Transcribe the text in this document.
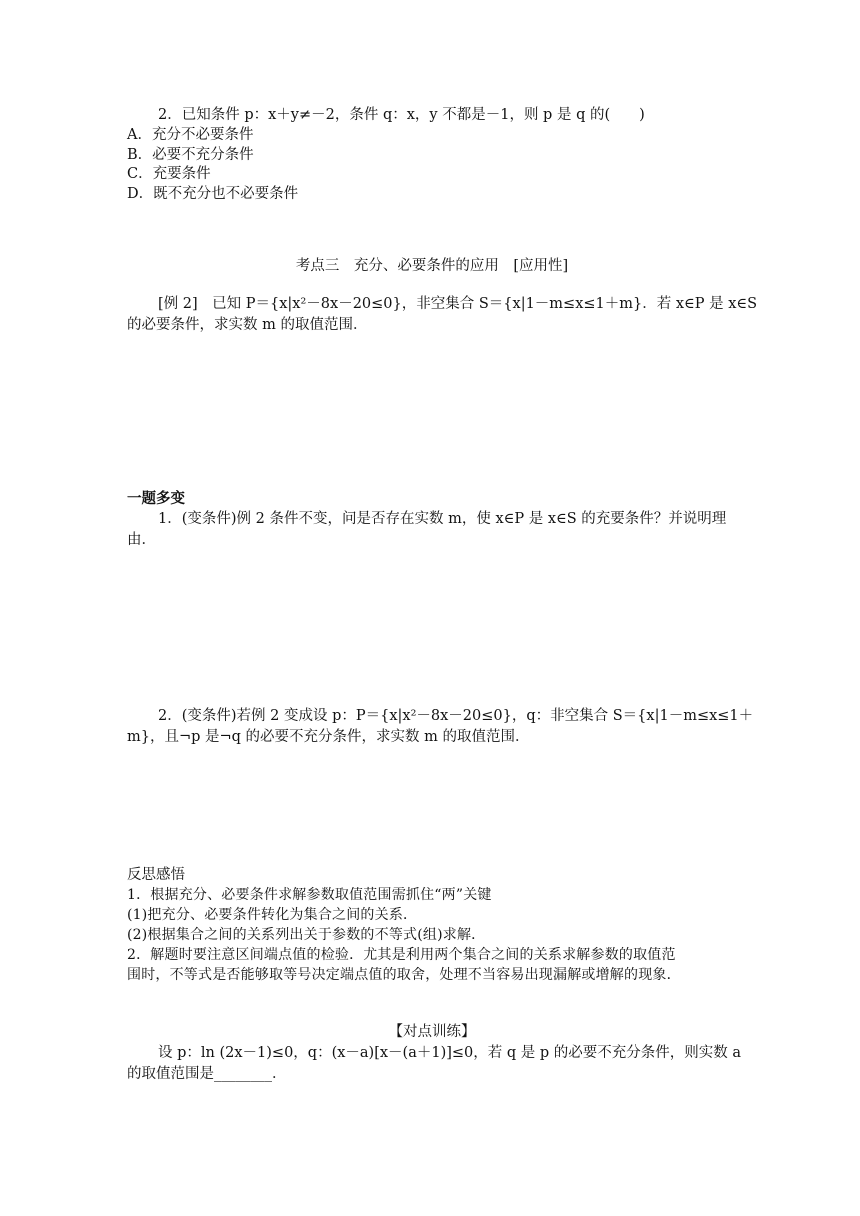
2．已知条件 p：x＋y≠－2，条件 q：x，y 不都是－1，则 p 是 q 的(　　)
A．充分不必要条件
B．必要不充分条件
C．充要条件
D．既不充分也不必要条件
考点三　充分、必要条件的应用　[应用性]
[例 2]　已知 P＝{x|x²－8x－20≤0}，非空集合 S＝{x|1－m≤x≤1＋m}．若 x∈P 是 x∈S
的必要条件，求实数 m 的取值范围．
一题多变
1．(变条件)例 2 条件不变，问是否存在实数 m，使 x∈P 是 x∈S 的充要条件？并说明理
由．
2．(变条件)若例 2 变成设 p：P＝{x|x²－8x－20≤0}，q：非空集合 S＝{x|1－m≤x≤1＋
m}，且¬p 是¬q 的必要不充分条件，求实数 m 的取值范围．
反思感悟
1．根据充分、必要条件求解参数取值范围需抓住“两”关键
(1)把充分、必要条件转化为集合之间的关系．
(2)根据集合之间的关系列出关于参数的不等式(组)求解．
2．解题时要注意区间端点值的检验．尤其是利用两个集合之间的关系求解参数的取值范
围时，不等式是否能够取等号决定端点值的取舍，处理不当容易出现漏解或增解的现象．
【对点训练】
设 p：ln (2x－1)≤0，q：(x－a)[x－(a＋1)]≤0，若 q 是 p 的必要不充分条件，则实数 a
的取值范围是________．
